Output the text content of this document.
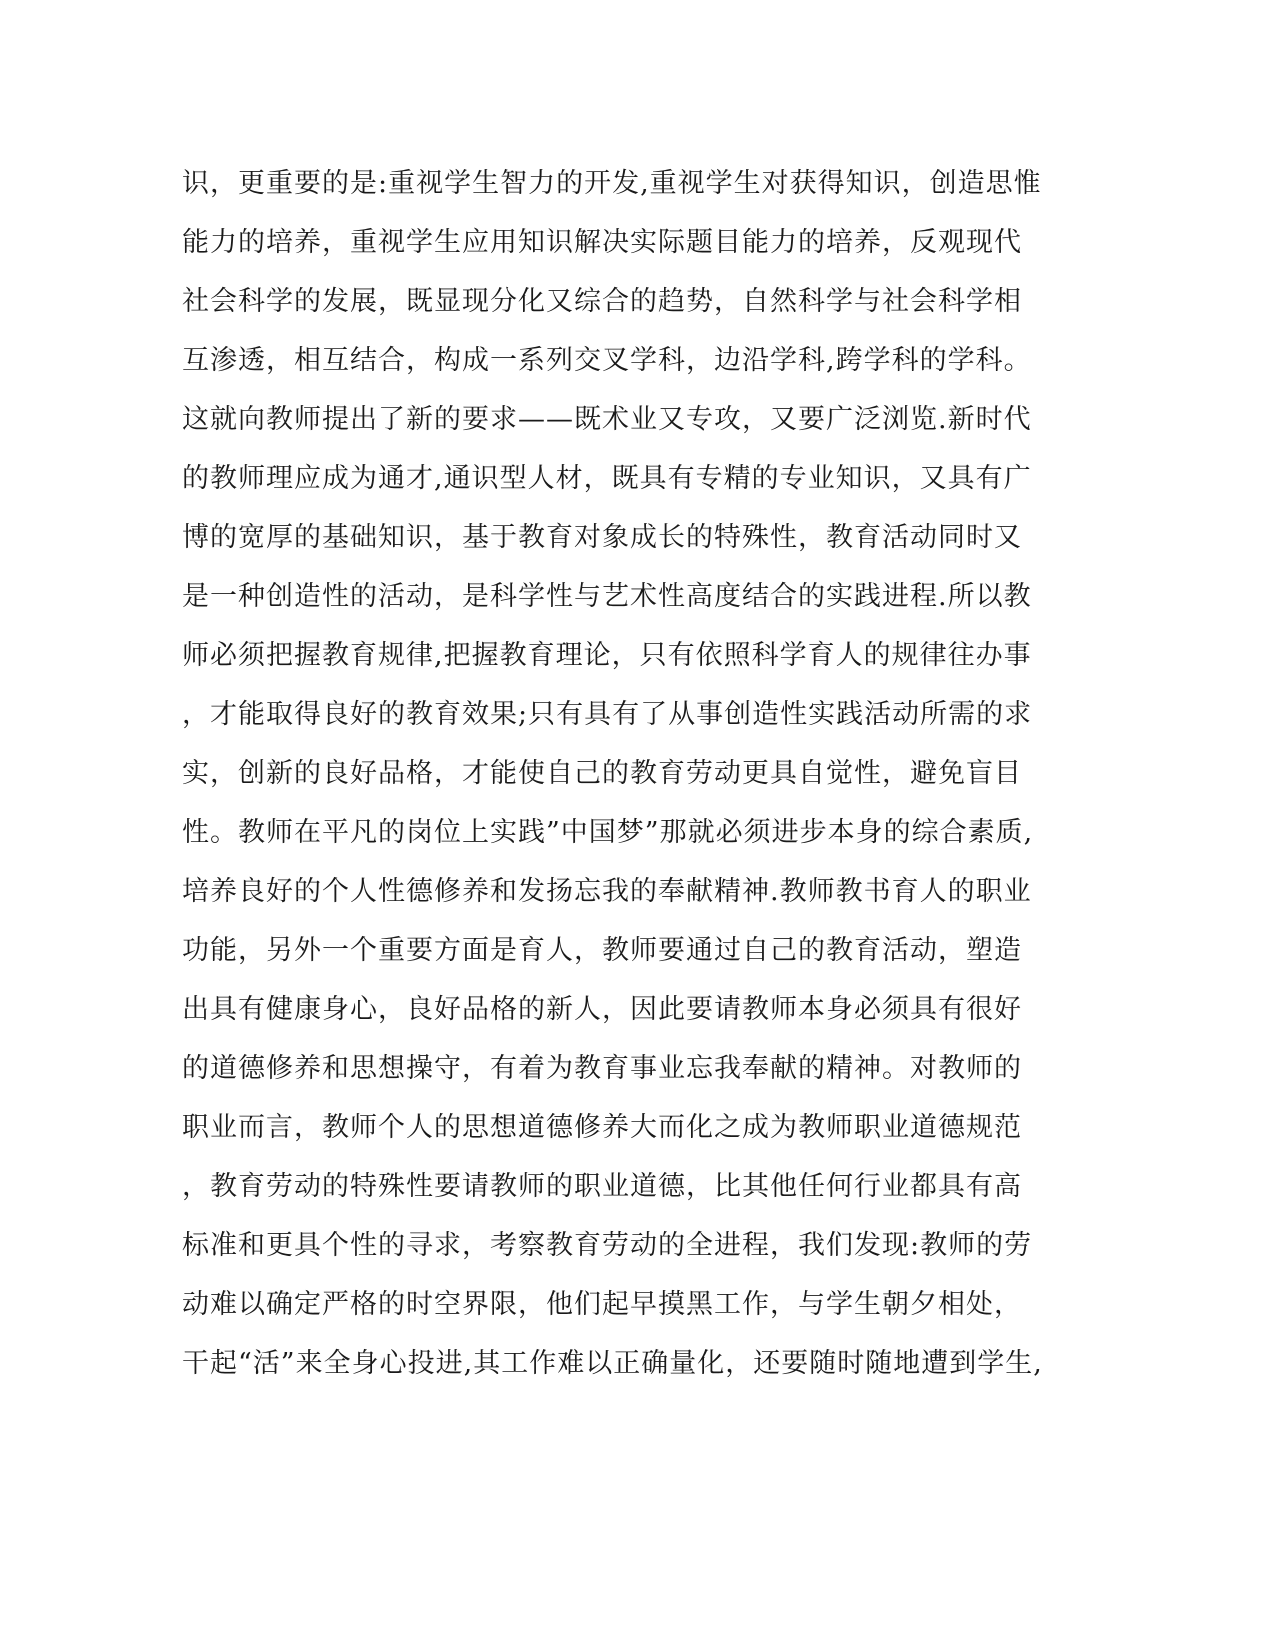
识，更重要的是:重视学生智力的开发,重视学生对获得知识，创造思惟
能力的培养，重视学生应用知识解决实际题目能力的培养，反观现代
社会科学的发展，既显现分化又综合的趋势，自然科学与社会科学相
互渗透，相互结合，构成一系列交叉学科，边沿学科,跨学科的学科。
这就向教师提出了新的要求——既术业又专攻，又要广泛浏览.新时代
的教师理应成为通才,通识型人材，既具有专精的专业知识，又具有广
博的宽厚的基础知识，基于教育对象成长的特殊性，教育活动同时又
是一种创造性的活动，是科学性与艺术性高度结合的实践进程.所以教
师必须把握教育规律,把握教育理论，只有依照科学育人的规律往办事
，才能取得良好的教育效果;只有具有了从事创造性实践活动所需的求
实，创新的良好品格，才能使自己的教育劳动更具自觉性，避免盲目
性。教师在平凡的岗位上实践”中国梦”那就必须进步本身的综合素质,
培养良好的个人性德修养和发扬忘我的奉献精神.教师教书育人的职业
功能，另外一个重要方面是育人，教师要通过自己的教育活动，塑造
出具有健康身心，良好品格的新人，因此要请教师本身必须具有很好
的道德修养和思想操守，有着为教育事业忘我奉献的精神。对教师的
职业而言，教师个人的思想道德修养大而化之成为教师职业道德规范
，教育劳动的特殊性要请教师的职业道德，比其他任何行业都具有高
标准和更具个性的寻求，考察教育劳动的全进程，我们发现:教师的劳
动难以确定严格的时空界限，他们起早摸黑工作，与学生朝夕相处，
干起“活”来全身心投进,其工作难以正确量化，还要随时随地遭到学生,
